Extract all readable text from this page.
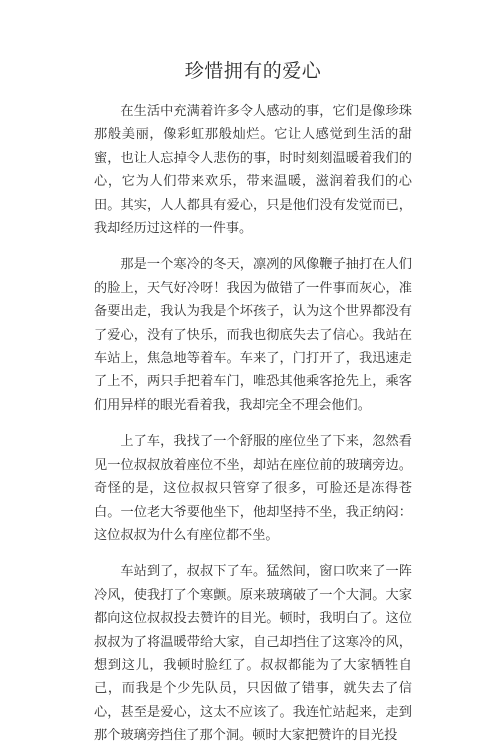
珍惜拥有的爱心

在生活中充满着许多令人感动的事，它们是像珍珠那般美丽，像彩虹那般灿烂。它让人感觉到生活的甜蜜，也让人忘掉令人悲伤的事，时时刻刻温暖着我们的心，它为人们带来欢乐，带来温暖，滋润着我们的心田。其实，人人都具有爱心，只是他们没有发觉而已，我却经历过这样的一件事。

那是一个寒冷的冬天，凛冽的风像鞭子抽打在人们的脸上，天气好冷呀！我因为做错了一件事而灰心，准备要出走，我认为我是个坏孩子，认为这个世界都没有了爱心，没有了快乐，而我也彻底失去了信心。我站在车站上，焦急地等着车。车来了，门打开了，我迅速走了上不，两只手把着车门，唯恐其他乘客抢先上，乘客们用异样的眼光看着我，我却完全不理会他们。

上了车，我找了一个舒服的座位坐了下来，忽然看见一位叔叔放着座位不坐，却站在座位前的玻璃旁边。奇怪的是，这位叔叔只管穿了很多，可脸还是冻得苍白。一位老大爷要他坐下，他却坚持不坐，我正纳闷：这位叔叔为什么有座位都不坐。

车站到了，叔叔下了车。猛然间，窗口吹来了一阵冷风，使我打了个寒颤。原来玻璃破了一个大洞。大家都向这位叔叔投去赞许的目光。顿时，我明白了。这位叔叔为了将温暖带给大家，自己却挡住了这寒冷的风，想到这儿，我顿时脸红了。叔叔都能为了大家牺牲自己，而我是个少先队员，只因做了错事，就失去了信心，甚至是爱心，这太不应该了。我连忙站起来，走到那个玻璃旁挡住了那个洞。顿时大家把赞许的目光投
